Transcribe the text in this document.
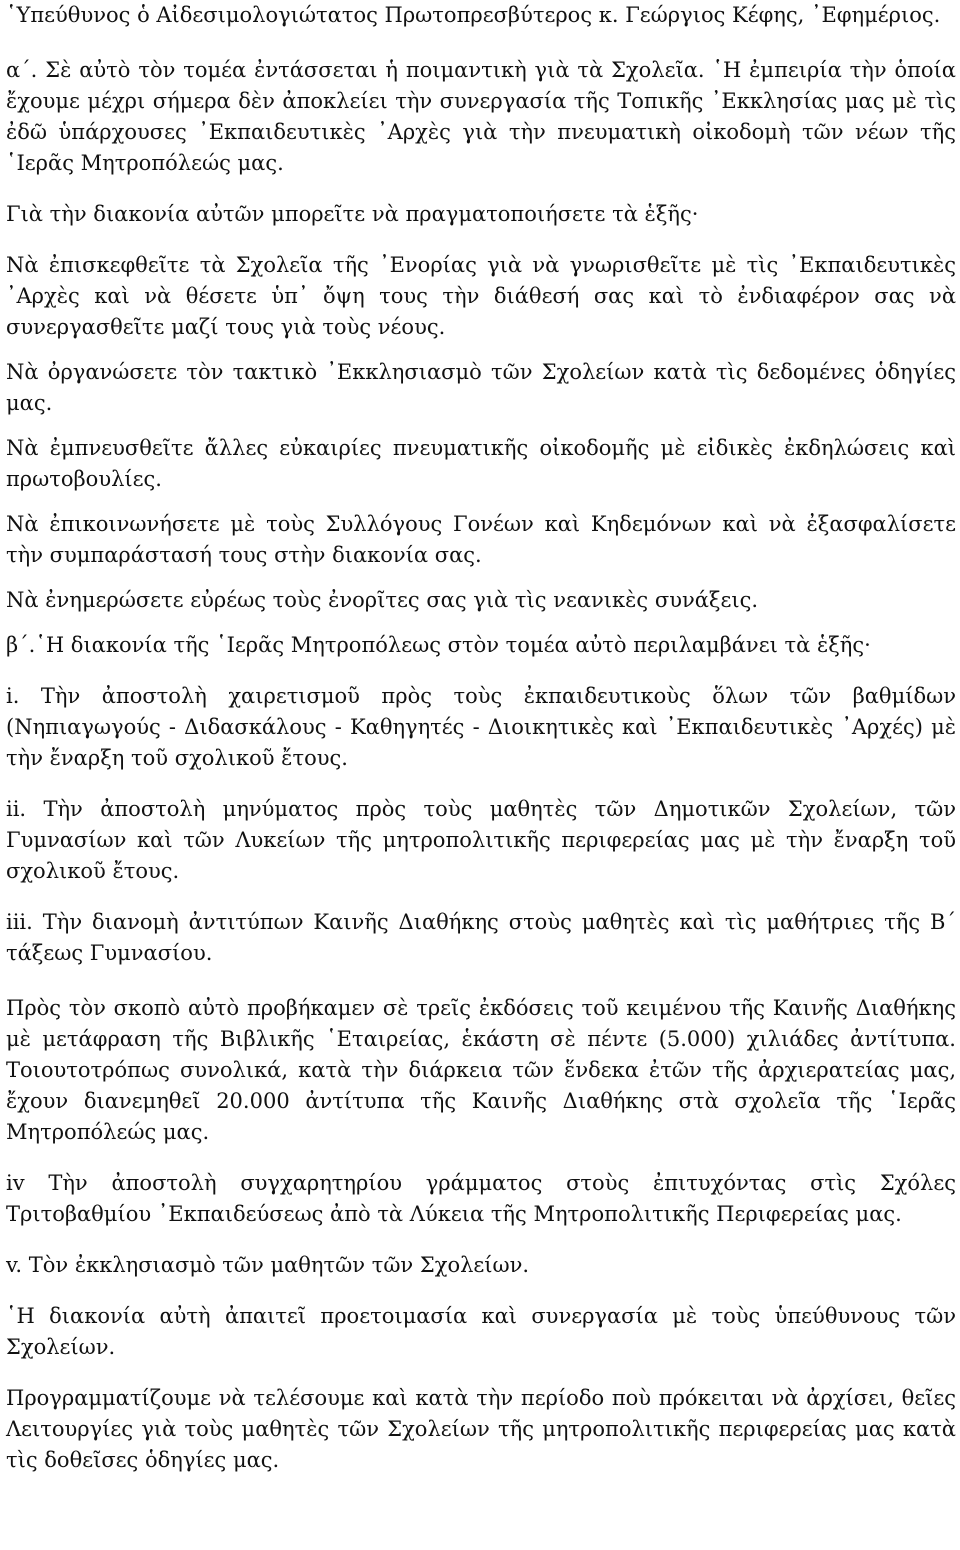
῾Υπεύθυνος ὁ Αἰδεσιμολογιώτατος Πρωτοπρεσβύτερος κ. Γεώργιος Κέφης, ᾿Εφημέριος.

α΄. Σὲ αὐτὸ τὸν τομέα ἐντάσσεται ἡ ποιμαντικὴ γιὰ τὰ Σχολεῖα. ῾Η ἐμπειρία τὴν ὁποία ἔχουμε μέχρι σήμερα δὲν ἀποκλείει τὴν συνεργασία τῆς Τοπικῆς ᾿Εκκλησίας μας μὲ τὶς ἐδῶ ὑπάρχουσες ᾿Εκπαιδευτικὲς ᾿Αρχὲς γιὰ τὴν πνευματικὴ οἰκοδομὴ τῶν νέων τῆς ῾Ιερᾶς Μητροπόλεώς μας.

Γιὰ τὴν διακονία αὐτῶν μπορεῖτε νὰ πραγματοποιήσετε τὰ ἑξῆς·

Νὰ ἐπισκεφθεῖτε τὰ Σχολεῖα τῆς ᾿Ενορίας γιὰ νὰ γνωρισθεῖτε μὲ τὶς ᾿Εκπαιδευτικὲς ᾿Αρχὲς καὶ νὰ θέσετε ὑπ᾿ ὄψη τους τὴν διάθεσή σας καὶ τὸ ἐνδιαφέρον σας νὰ συνεργασθεῖτε μαζί τους γιὰ τοὺς νέους.

Νὰ ὀργανώσετε τὸν τακτικὸ ᾿Εκκλησιασμὸ τῶν Σχολείων κατὰ τὶς δεδομένες ὁδηγίες μας.

Νὰ ἐμπνευσθεῖτε ἄλλες εὐκαιρίες πνευματικῆς οἰκοδομῆς μὲ εἰδικὲς ἐκδηλώσεις καὶ πρωτοβουλίες.

Νὰ ἐπικοινωνήσετε μὲ τοὺς Συλλόγους Γονέων καὶ Κηδεμόνων καὶ νὰ ἐξασφαλίσετε τὴν συμπαράστασή τους στὴν διακονία σας.

Νὰ ἐνημερώσετε εὐρέως τοὺς ἐνορῖτες σας γιὰ τὶς νεανικὲς συνάξεις.

β΄.῾Η διακονία τῆς ῾Ιερᾶς Μητροπόλεως στὸν τομέα αὐτὸ περιλαμβάνει τὰ ἑξῆς·

i. Τὴν ἀποστολὴ χαιρετισμοῦ πρὸς τοὺς ἐκπαιδευτικοὺς ὅλων τῶν βαθμίδων (Νηπιαγωγούς - Διδασκάλους - Καθηγητές - Διοικητικὲς καὶ ᾿Εκπαιδευτικὲς ᾿Αρχές) μὲ τὴν ἔναρξη τοῦ σχολικοῦ ἔτους.

ii. Τὴν ἀποστολὴ μηνύματος πρὸς τοὺς μαθητὲς τῶν Δημοτικῶν Σχολείων, τῶν Γυμνασίων καὶ τῶν Λυκείων τῆς μητροπολιτικῆς περιφερείας μας μὲ τὴν ἔναρξη τοῦ σχολικοῦ ἔτους.

iii. Τὴν διανομὴ ἀντιτύπων Καινῆς Διαθήκης στοὺς μαθητὲς καὶ τὶς μαθήτριες τῆς Β΄ τάξεως Γυμνασίου.

Πρὸς τὸν σκοπὸ αὐτὸ προβήκαμεν σὲ τρεῖς ἐκδόσεις τοῦ κειμένου τῆς Καινῆς Διαθήκης μὲ μετάφραση τῆς Βιβλικῆς ῾Εταιρείας, ἑκάστη σὲ πέντε (5.000) χιλιάδες ἀντίτυπα. Τοιουτοτρόπως συνολικά, κατὰ τὴν διάρκεια τῶν ἕνδεκα ἐτῶν τῆς ἀρχιερατείας μας, ἔχουν διανεμηθεῖ 20.000 ἀντίτυπα τῆς Καινῆς Διαθήκης στὰ σχολεῖα τῆς ῾Ιερᾶς Μητροπόλεώς μας.

iv Τὴν ἀποστολὴ συγχαρητηρίου γράμματος στοὺς ἐπιτυχόντας στὶς Σχόλες Τριτοβαθμίου ᾿Εκπαιδεύσεως ἀπὸ τὰ Λύκεια τῆς Μητροπολιτικῆς Περιφερείας μας.

v. Τὸν ἐκκλησιασμὸ τῶν μαθητῶν τῶν Σχολείων.

῾Η διακονία αὐτὴ ἀπαιτεῖ προετοιμασία καὶ συνεργασία μὲ τοὺς ὑπεύθυνους τῶν Σχολείων.

Προγραμματίζουμε νὰ τελέσουμε καὶ κατὰ τὴν περίοδο ποὺ πρόκειται νὰ ἀρχίσει, θεῖες Λειτουργίες γιὰ τοὺς μαθητὲς τῶν Σχολείων τῆς μητροπολιτικῆς περιφερείας μας κατὰ τὶς δοθεῖσες ὁδηγίες μας.
